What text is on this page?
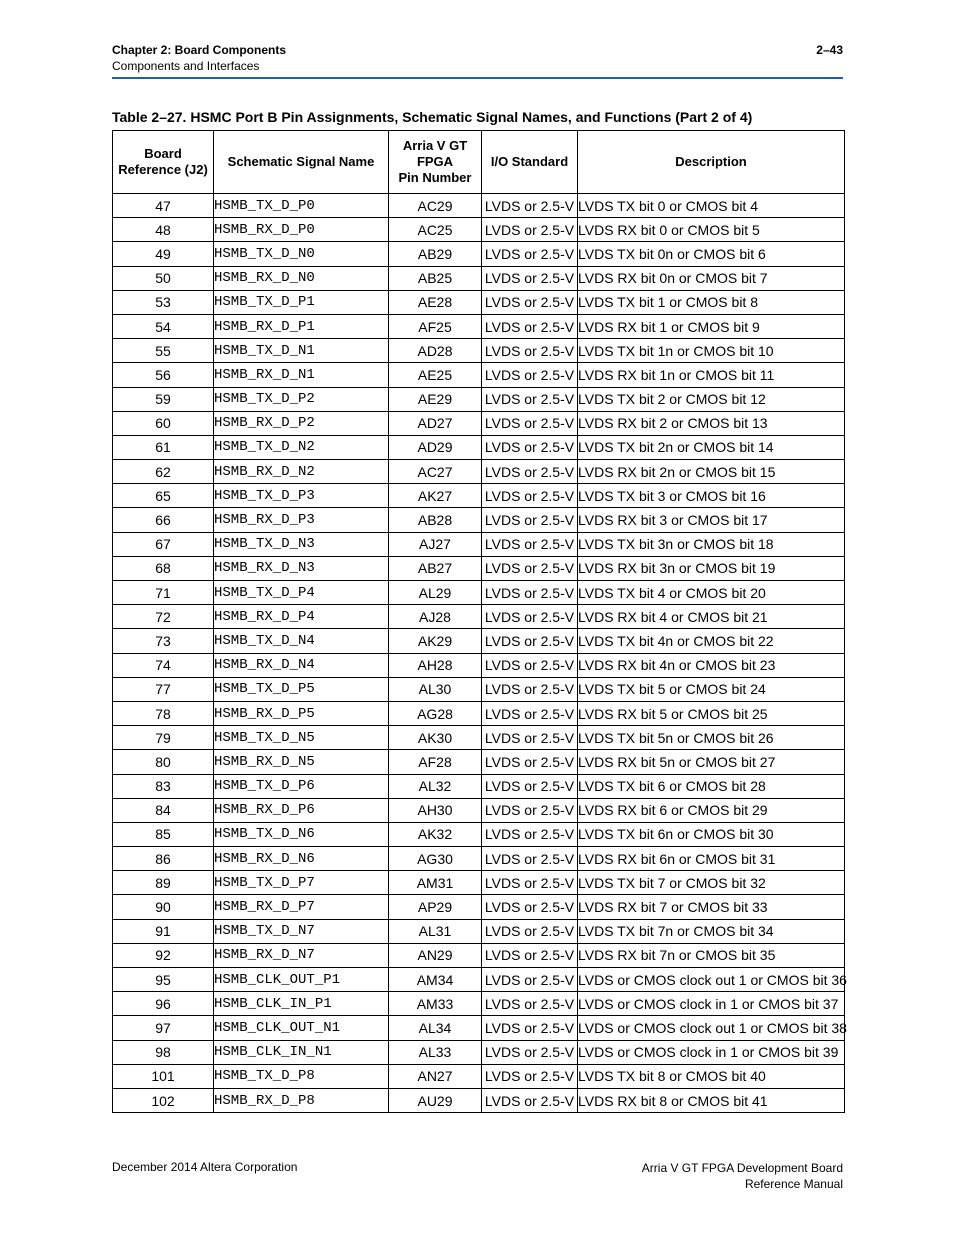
Chapter 2: Board Components
Components and Interfaces
2–43
Table 2–27. HSMC Port B Pin Assignments, Schematic Signal Names, and Functions (Part 2 of 4)
Board Reference (J2)	Schematic Signal Name	Arria V GT
FPGA
Pin Number	I/O Standard	Description
47	HSMB_TX_D_P0	AC29	LVDS or 2.5-V	LVDS TX bit 0 or CMOS bit 4
48	HSMB_RX_D_P0	AC25	LVDS or 2.5-V	LVDS RX bit 0 or CMOS bit 5
49	HSMB_TX_D_N0	AB29	LVDS or 2.5-V	LVDS TX bit 0n or CMOS bit 6
50	HSMB_RX_D_N0	AB25	LVDS or 2.5-V	LVDS RX bit 0n or CMOS bit 7
53	HSMB_TX_D_P1	AE28	LVDS or 2.5-V	LVDS TX bit 1 or CMOS bit 8
54	HSMB_RX_D_P1	AF25	LVDS or 2.5-V	LVDS RX bit 1 or CMOS bit 9
55	HSMB_TX_D_N1	AD28	LVDS or 2.5-V	LVDS TX bit 1n or CMOS bit 10
56	HSMB_RX_D_N1	AE25	LVDS or 2.5-V	LVDS RX bit 1n or CMOS bit 11
59	HSMB_TX_D_P2	AE29	LVDS or 2.5-V	LVDS TX bit 2 or CMOS bit 12
60	HSMB_RX_D_P2	AD27	LVDS or 2.5-V	LVDS RX bit 2 or CMOS bit 13
61	HSMB_TX_D_N2	AD29	LVDS or 2.5-V	LVDS TX bit 2n or CMOS bit 14
62	HSMB_RX_D_N2	AC27	LVDS or 2.5-V	LVDS RX bit 2n or CMOS bit 15
65	HSMB_TX_D_P3	AK27	LVDS or 2.5-V	LVDS TX bit 3 or CMOS bit 16
66	HSMB_RX_D_P3	AB28	LVDS or 2.5-V	LVDS RX bit 3 or CMOS bit 17
67	HSMB_TX_D_N3	AJ27	LVDS or 2.5-V	LVDS TX bit 3n or CMOS bit 18
68	HSMB_RX_D_N3	AB27	LVDS or 2.5-V	LVDS RX bit 3n or CMOS bit 19
71	HSMB_TX_D_P4	AL29	LVDS or 2.5-V	LVDS TX bit 4 or CMOS bit 20
72	HSMB_RX_D_P4	AJ28	LVDS or 2.5-V	LVDS RX bit 4 or CMOS bit 21
73	HSMB_TX_D_N4	AK29	LVDS or 2.5-V	LVDS TX bit 4n or CMOS bit 22
74	HSMB_RX_D_N4	AH28	LVDS or 2.5-V	LVDS RX bit 4n or CMOS bit 23
77	HSMB_TX_D_P5	AL30	LVDS or 2.5-V	LVDS TX bit 5 or CMOS bit 24
78	HSMB_RX_D_P5	AG28	LVDS or 2.5-V	LVDS RX bit 5 or CMOS bit 25
79	HSMB_TX_D_N5	AK30	LVDS or 2.5-V	LVDS TX bit 5n or CMOS bit 26
80	HSMB_RX_D_N5	AF28	LVDS or 2.5-V	LVDS RX bit 5n or CMOS bit 27
83	HSMB_TX_D_P6	AL32	LVDS or 2.5-V	LVDS TX bit 6 or CMOS bit 28
84	HSMB_RX_D_P6	AH30	LVDS or 2.5-V	LVDS RX bit 6 or CMOS bit 29
85	HSMB_TX_D_N6	AK32	LVDS or 2.5-V	LVDS TX bit 6n or CMOS bit 30
86	HSMB_RX_D_N6	AG30	LVDS or 2.5-V	LVDS RX bit 6n or CMOS bit 31
89	HSMB_TX_D_P7	AM31	LVDS or 2.5-V	LVDS TX bit 7 or CMOS bit 32
90	HSMB_RX_D_P7	AP29	LVDS or 2.5-V	LVDS RX bit 7 or CMOS bit 33
91	HSMB_TX_D_N7	AL31	LVDS or 2.5-V	LVDS TX bit 7n or CMOS bit 34
92	HSMB_RX_D_N7	AN29	LVDS or 2.5-V	LVDS RX bit 7n or CMOS bit 35
95	HSMB_CLK_OUT_P1	AM34	LVDS or 2.5-V	LVDS or CMOS clock out 1 or CMOS bit 36
96	HSMB_CLK_IN_P1	AM33	LVDS or 2.5-V	LVDS or CMOS clock in 1 or CMOS bit 37
97	HSMB_CLK_OUT_N1	AL34	LVDS or 2.5-V	LVDS or CMOS clock out 1 or CMOS bit 38
98	HSMB_CLK_IN_N1	AL33	LVDS or 2.5-V	LVDS or CMOS clock in 1 or CMOS bit 39
101	HSMB_TX_D_P8	AN27	LVDS or 2.5-V	LVDS TX bit 8 or CMOS bit 40
102	HSMB_RX_D_P8	AU29	LVDS or 2.5-V	LVDS RX bit 8 or CMOS bit 41
December 2014 Altera Corporation	Arria V GT FPGA Development Board
Reference Manual
